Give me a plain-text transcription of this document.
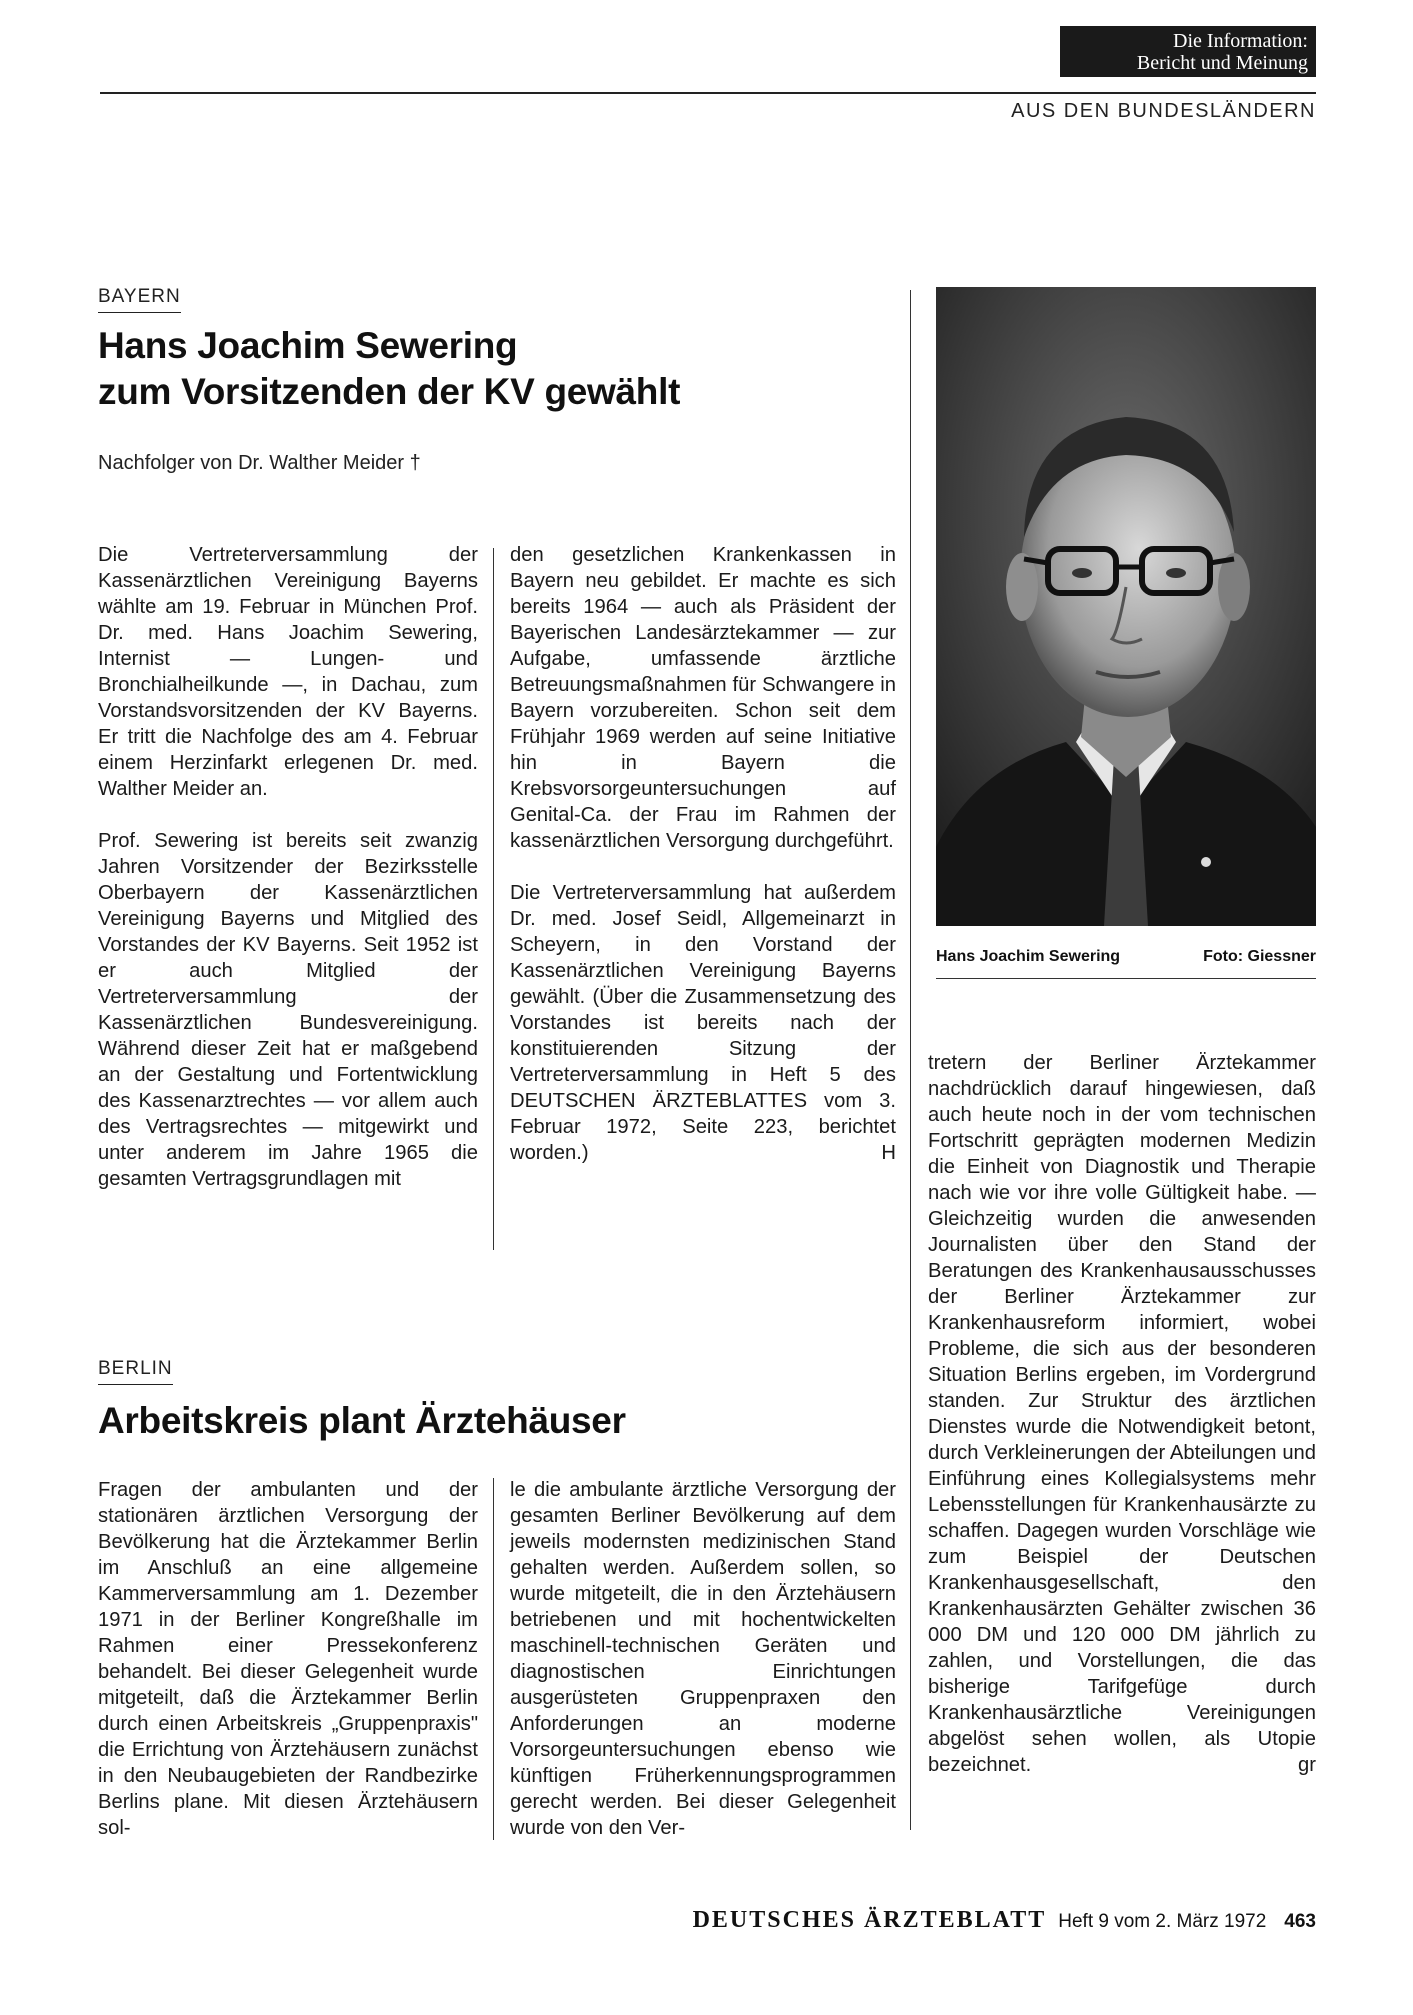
Die Information:
Bericht und Meinung
AUS DEN BUNDESLÄNDERN
BAYERN
Hans Joachim Sewering
zum Vorsitzenden der KV gewählt
Nachfolger von Dr. Walther Meider †

Die Vertreterversammlung der Kassenärztlichen Vereinigung Bayerns wählte am 19. Februar in München Prof. Dr. med. Hans Joachim Sewering, Internist — Lungen- und Bronchialheilkunde —, in Dachau, zum Vorstandsvorsitzenden der KV Bayerns. Er tritt die Nachfolge des am 4. Februar einem Herzinfarkt erlegenen Dr. med. Walther Meider an.

Prof. Sewering ist bereits seit zwanzig Jahren Vorsitzender der Bezirksstelle Oberbayern der Kassenärztlichen Vereinigung Bayerns und Mitglied des Vorstandes der KV Bayerns. Seit 1952 ist er auch Mitglied der Vertreterversammlung der Kassenärztlichen Bundesvereinigung. Während dieser Zeit hat er maßgebend an der Gestaltung und Fortentwicklung des Kassenarztrechtes — vor allem auch des Vertragsrechtes — mitgewirkt und unter anderem im Jahre 1965 die gesamten Vertragsgrundlagen mit

den gesetzlichen Krankenkassen in Bayern neu gebildet. Er machte es sich bereits 1964 — auch als Präsident der Bayerischen Landesärztekammer — zur Aufgabe, umfassende ärztliche Betreuungsmaßnahmen für Schwangere in Bayern vorzubereiten. Schon seit dem Frühjahr 1969 werden auf seine Initiative hin in Bayern die Krebsvorsorgeuntersuchungen auf Genital-Ca. der Frau im Rahmen der kassenärztlichen Versorgung durchgeführt.

Die Vertreterversammlung hat außerdem Dr. med. Josef Seidl, Allgemeinarzt in Scheyern, in den Vorstand der Kassenärztlichen Vereinigung Bayerns gewählt. (Über die Zusammensetzung des Vorstandes ist bereits nach der konstituierenden Sitzung der Vertreterversammlung in Heft 5 des DEUTSCHEN ÄRZTEBLATTES vom 3. Februar 1972, Seite 223, berichtet worden.)	H

Hans Joachim Sewering	Foto: Giessner
BERLIN
Arbeitskreis plant Ärztehäuser

Fragen der ambulanten und der stationären ärztlichen Versorgung der Bevölkerung hat die Ärztekammer Berlin im Anschluß an eine allgemeine Kammerversammlung am 1. Dezember 1971 in der Berliner Kongreßhalle im Rahmen einer Pressekonferenz behandelt. Bei dieser Gelegenheit wurde mitgeteilt, daß die Ärztekammer Berlin durch einen Arbeitskreis „Gruppenpraxis" die Errichtung von Ärztehäusern zunächst in den Neubaugebieten der Randbezirke Berlins plane. Mit diesen Ärztehäusern sol-

le die ambulante ärztliche Versorgung der gesamten Berliner Bevölkerung auf dem jeweils modernsten medizinischen Stand gehalten werden. Außerdem sollen, so wurde mitgeteilt, die in den Ärztehäusern betriebenen und mit hochentwickelten maschinell-technischen Geräten und diagnostischen Einrichtungen ausgerüsteten Gruppenpraxen den Anforderungen an moderne Vorsorgeuntersuchungen ebenso wie künftigen Früherkennungsprogrammen gerecht werden. Bei dieser Gelegenheit wurde von den Ver-

tretern der Berliner Ärztekammer nachdrücklich darauf hingewiesen, daß auch heute noch in der vom technischen Fortschritt geprägten modernen Medizin die Einheit von Diagnostik und Therapie nach wie vor ihre volle Gültigkeit habe. — Gleichzeitig wurden die anwesenden Journalisten über den Stand der Beratungen des Krankenhausausschusses der Berliner Ärztekammer zur Krankenhausreform informiert, wobei Probleme, die sich aus der besonderen Situation Berlins ergeben, im Vordergrund standen. Zur Struktur des ärztlichen Dienstes wurde die Notwendigkeit betont, durch Verkleinerungen der Abteilungen und Einführung eines Kollegialsystems mehr Lebensstellungen für Krankenhausärzte zu schaffen. Dagegen wurden Vorschläge wie zum Beispiel der Deutschen Krankenhausgesellschaft, den Krankenhausärzten Gehälter zwischen 36 000 DM und 120 000 DM jährlich zu zahlen, und Vorstellungen, die das bisherige Tarifgefüge durch Krankenhausärztliche Vereinigungen abgelöst sehen wollen, als Utopie bezeichnet.	gr

DEUTSCHES ÄRZTEBLATT Heft 9 vom 2. März 1972 463
